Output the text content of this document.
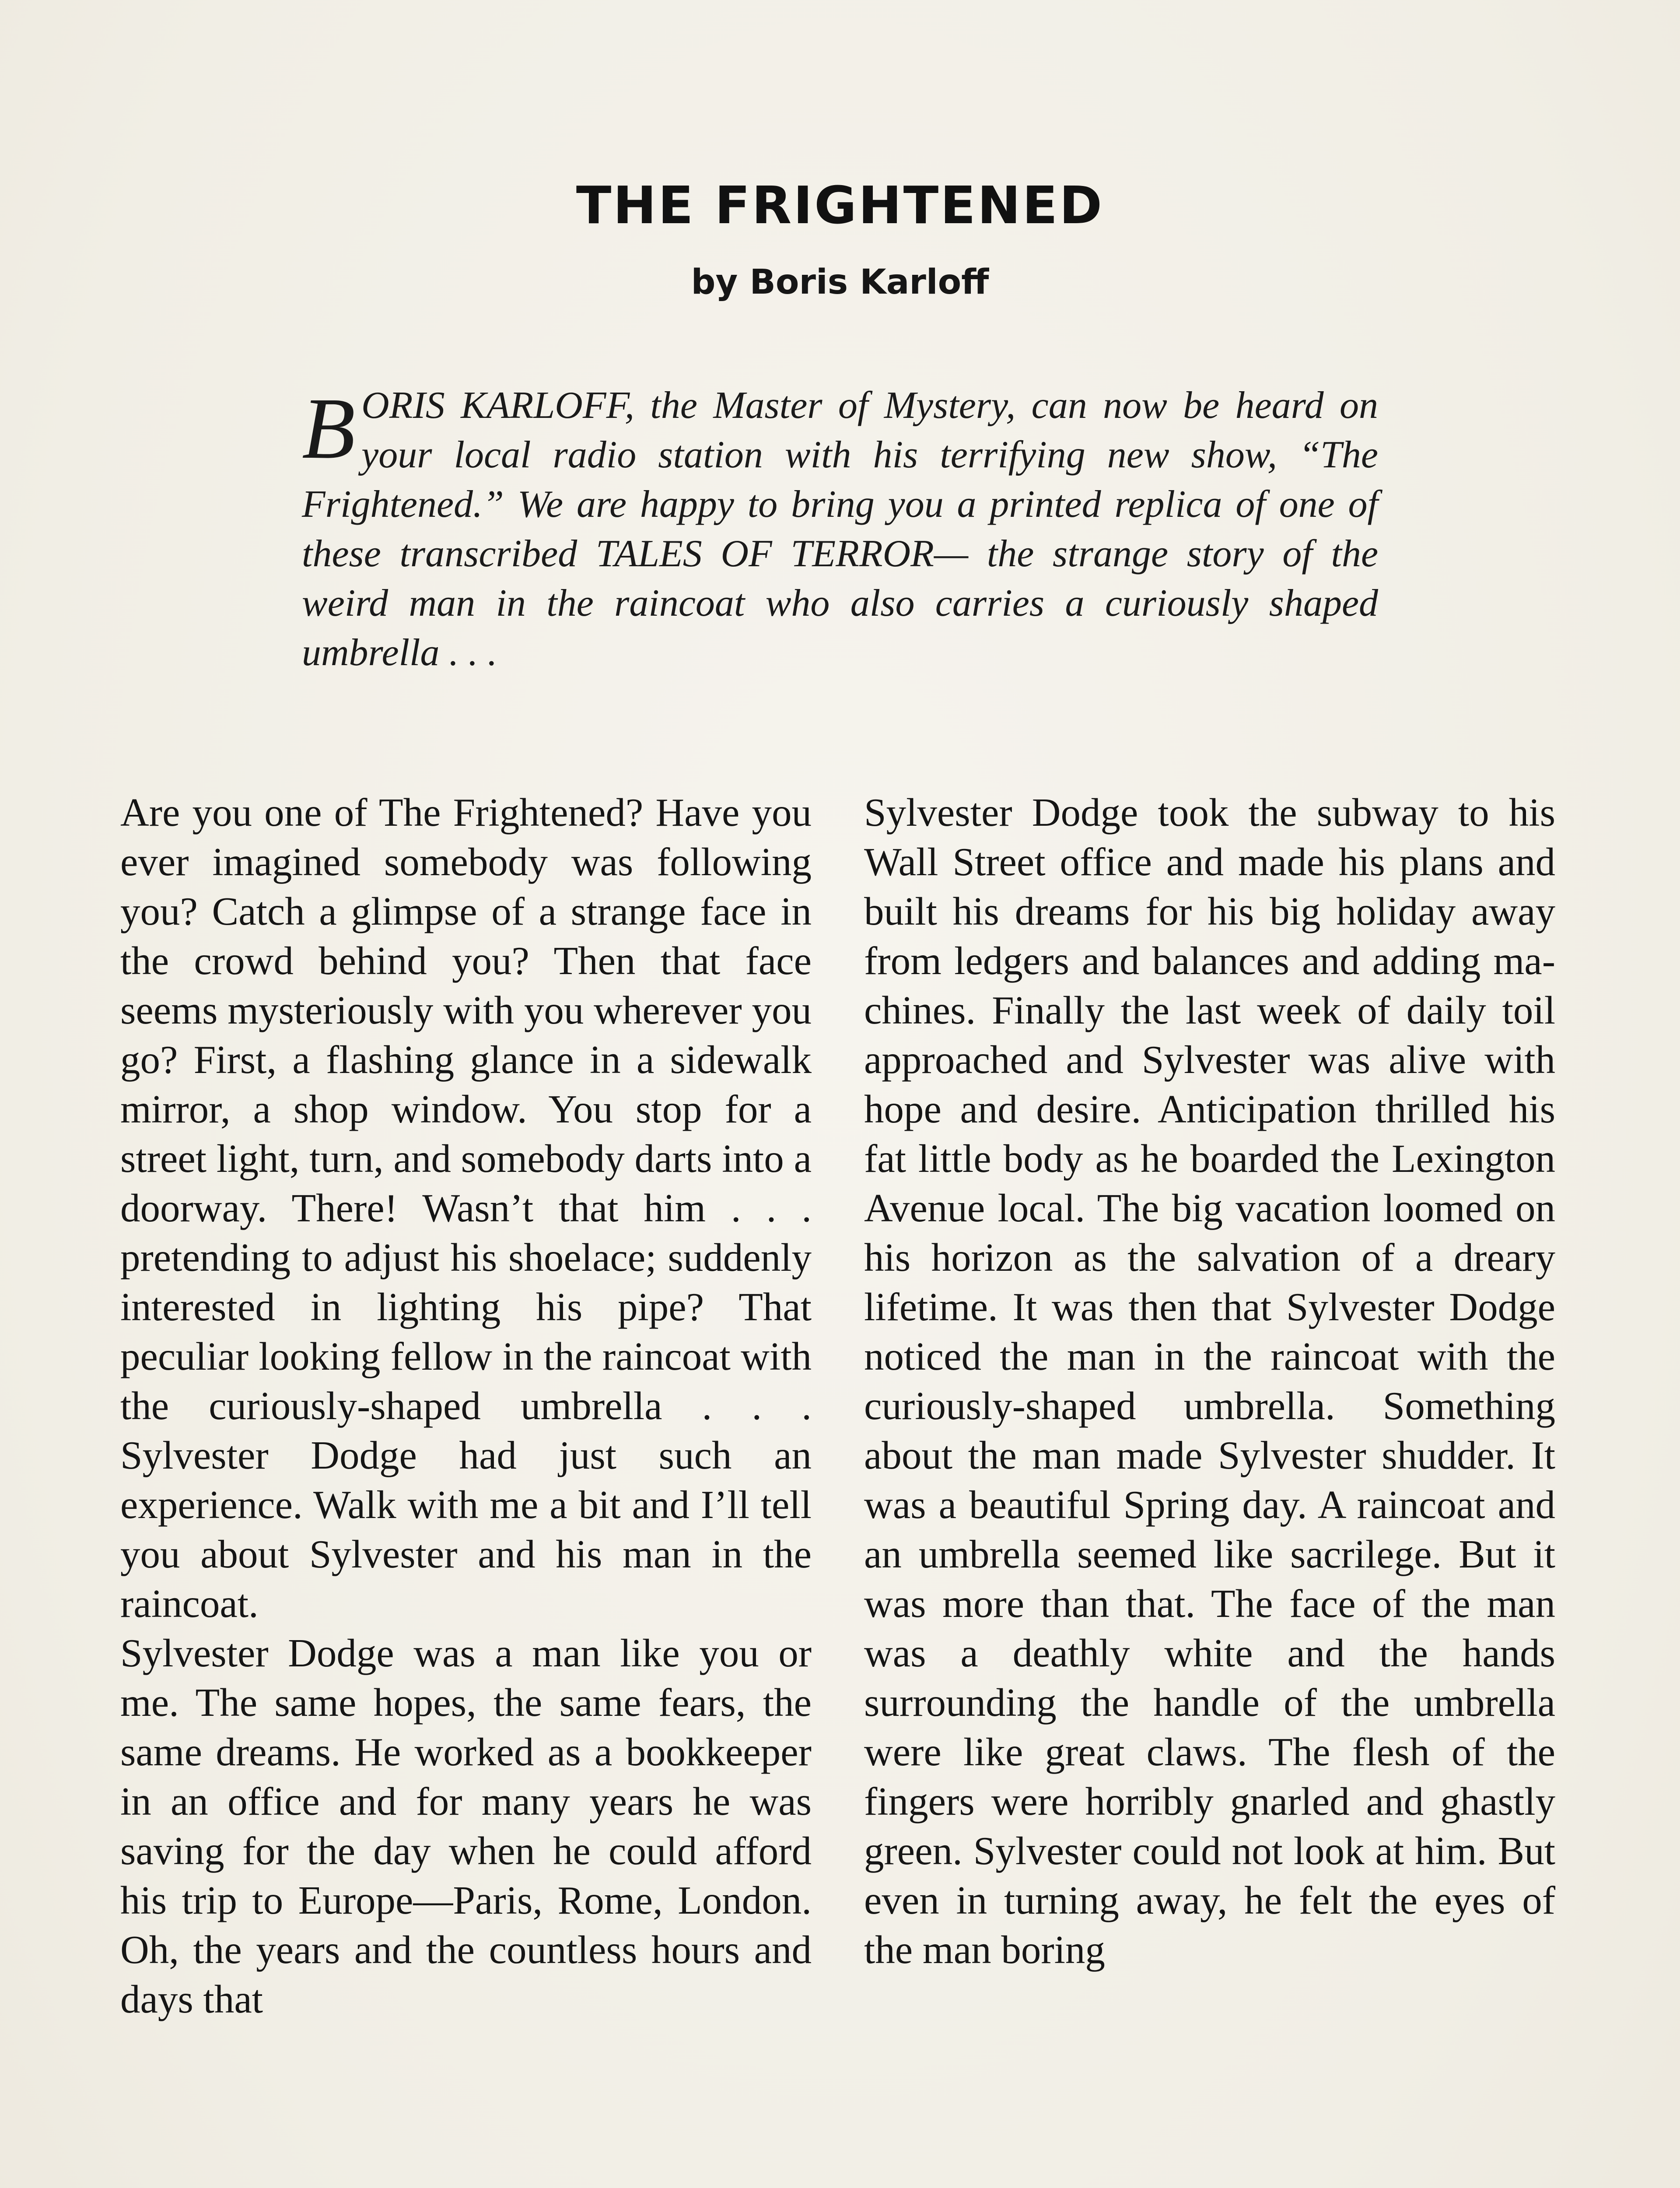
THE FRIGHTENED
by Boris Karloff
BORIS KARLOFF, the Master of Mystery, can now be heard on your local radio station with his terrifying new show, “The Frightened.” We are happy to bring you a printed replica of one of these transcribed TALES OF TERROR— the strange story of the weird man in the raincoat who also carries a curiously shaped umbrella . . .

Are you one of The Frightened? Have you ever imagined somebody was following you? Catch a glimpse of a strange face in the crowd behind you? Then that face seems mysteriously with you wherever you go? First, a flashing glance in a sidewalk mirror, a shop window. You stop for a street light, turn, and somebody darts into a doorway. There! Wasn’t that him . . . pretending to adjust his shoelace; suddenly interested in lighting his pipe? That peculiar looking fellow in the raincoat with the curiously-shaped umbrella . . . Sylvester Dodge had just such an experience. Walk with me a bit and I’ll tell you about Sylvester and his man in the raincoat.

Sylvester Dodge was a man like you or me. The same hopes, the same fears, the same dreams. He worked as a bookkeeper in an office and for many years he was saving for the day when he could afford his trip to Europe—Paris, Rome, London. Oh, the years and the countless hours and days that

Sylvester Dodge took the subway to his Wall Street office and made his plans and built his dreams for his big holiday away from ledgers and balances and adding machines. Finally the last week of daily toil approached and Sylvester was alive with hope and desire. Anticipation thrilled his fat little body as he boarded the Lexington Avenue local. The big vacation loomed on his horizon as the salvation of a dreary lifetime. It was then that Sylvester Dodge noticed the man in the raincoat with the curiously-shaped umbrella. Something about the man made Sylvester shudder. It was a beautiful Spring day. A raincoat and an umbrella seemed like sacrilege. But it was more than that. The face of the man was a deathly white and the hands surrounding the handle of the umbrella were like great claws. The flesh of the fingers were horribly gnarled and ghastly green. Sylvester could not look at him. But even in turning away, he felt the eyes of the man boring
